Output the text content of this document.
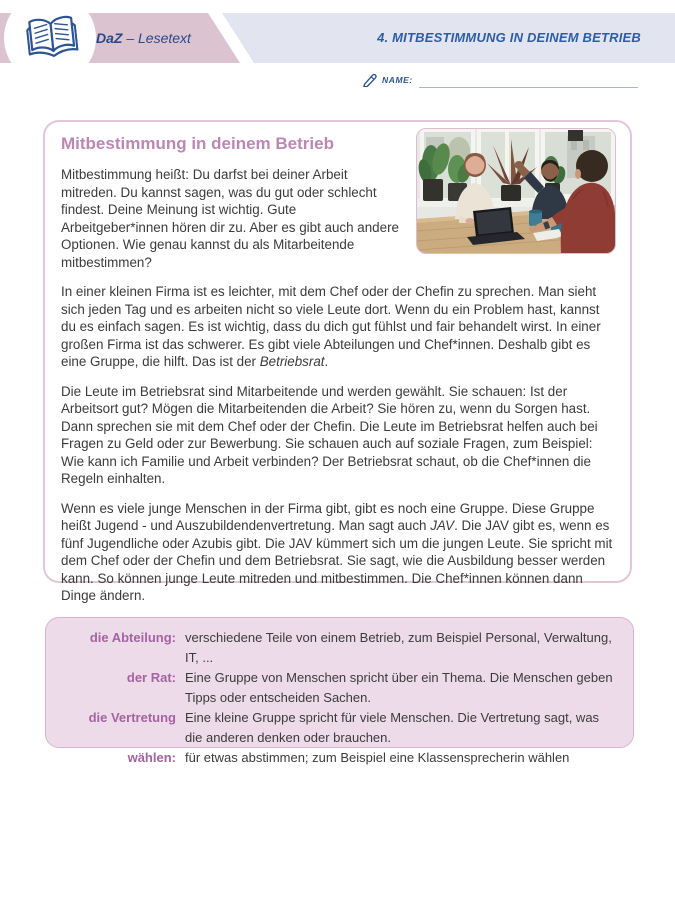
DaZ – Lesetext	4. MITBESTIMMUNG IN DEINEM BETRIEB
NAME:
Mitbestimmung in deinem Betrieb

Mitbestimmung heißt: Du darfst bei deiner Arbeit mitreden. Du kannst sagen, was du gut oder schlecht findest. Deine Meinung ist wichtig. Gute Arbeitgeber*innen hören dir zu. Aber es gibt auch andere Optionen. Wie genau kannst du als Mitarbeitende mitbestimmen?

In einer kleinen Firma ist es leichter, mit dem Chef oder der Chefin zu sprechen. Man sieht sich jeden Tag und es arbeiten nicht so viele Leute dort. Wenn du ein Problem hast, kannst du es einfach sagen. Es ist wichtig, dass du dich gut fühlst und fair behandelt wirst. In einer großen Firma ist das schwerer. Es gibt viele Abteilungen und Chef*innen. Deshalb gibt es eine Gruppe, die hilft. Das ist der Betriebsrat.

Die Leute im Betriebsrat sind Mitarbeitende und werden gewählt. Sie schauen: Ist der Arbeitsort gut? Mögen die Mitarbeitenden die Arbeit? Sie hören zu, wenn du Sorgen hast. Dann sprechen sie mit dem Chef oder der Chefin. Die Leute im Betriebsrat helfen auch bei Fragen zu Geld oder zur Bewerbung. Sie schauen auch auf soziale Fragen, zum Beispiel: Wie kann ich Familie und Arbeit verbinden? Der Betriebsrat schaut, ob die Chef*innen die Regeln einhalten.

Wenn es viele junge Menschen in der Firma gibt, gibt es noch eine Gruppe. Diese Gruppe heißt Jugend - und Auszubildendenvertretung. Man sagt auch JAV. Die JAV gibt es, wenn es fünf Jugendliche oder Azubis gibt. Die JAV kümmert sich um die jungen Leute. Sie spricht mit dem Chef oder der Chefin und dem Betriebsrat. Sie sagt, wie die Ausbildung besser werden kann. So können junge Leute mitreden und mitbestimmen. Die Chef*innen können dann Dinge ändern.

die Abteilung: verschiedene Teile von einem Betrieb, zum Beispiel Personal, Verwaltung, IT, ...
der Rat: Eine Gruppe von Menschen spricht über ein Thema. Die Menschen geben Tipps oder entscheiden Sachen.
die Vertretung Eine kleine Gruppe spricht für viele Menschen. Die Vertretung sagt, was die anderen denken oder brauchen.
wählen: für etwas abstimmen; zum Beispiel eine Klassensprecherin wählen
